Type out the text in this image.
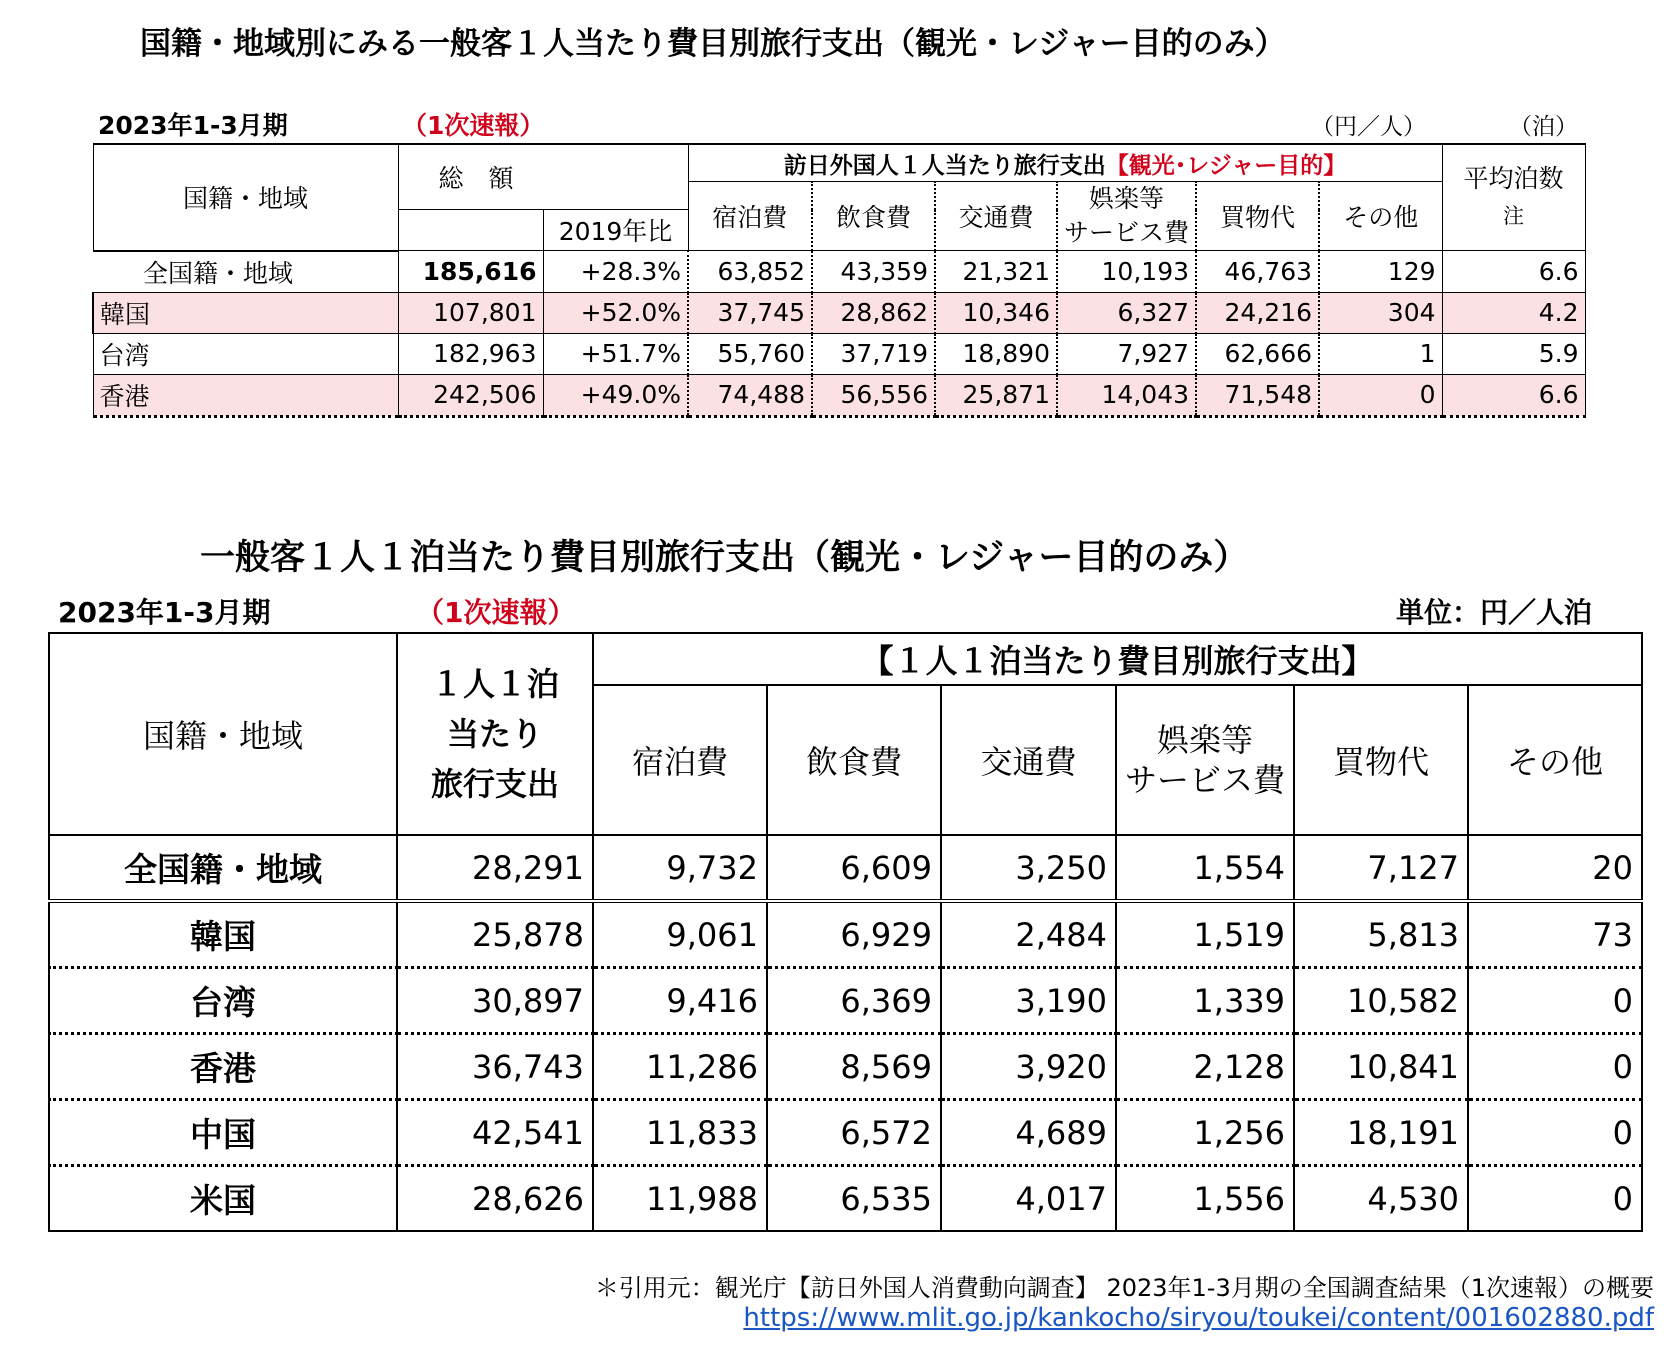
国籍・地域別にみる一般客１人当たり費目別旅行支出（観光・レジャー目的のみ）
2023年1-3月期	（1次速報）	（円／人）	（泊）
国籍・地域	総　額		訪日外国人１人当たり旅行支出【観光･レジャー目的】						平均泊数
注
			宿泊費	飲食費	交通費	娯楽等
サービス費	買物代	その他	
		2019年比							
全国籍・地域	185,616	+28.3%	63,852	43,359	21,321	10,193	46,763	129	6.6
韓国	107,801	+52.0%	37,745	28,862	10,346	6,327	24,216	304	4.2
台湾	182,963	+51.7%	55,760	37,719	18,890	7,927	62,666	1	5.9
香港	242,506	+49.0%	74,488	56,556	25,871	14,043	71,548	0	6.6
一般客１人１泊当たり費目別旅行支出（観光・レジャー目的のみ）
2023年1-3月期	（1次速報）	単位：円／人泊
国籍・地域	１人１泊
当たり
旅行支出	【１人１泊当たり費目別旅行支出】					
		宿泊費	飲食費	交通費	娯楽等
サービス費	買物代	その他
全国籍・地域	28,291	9,732	6,609	3,250	1,554	7,127	20
韓国	25,878	9,061	6,929	2,484	1,519	5,813	73
台湾	30,897	9,416	6,369	3,190	1,339	10,582	0
香港	36,743	11,286	8,569	3,920	2,128	10,841	0
中国	42,541	11,833	6,572	4,689	1,256	18,191	0
米国	28,626	11,988	6,535	4,017	1,556	4,530	0
＊引用元：観光庁【訪日外国人消費動向調査】 2023年1-3月期の全国調査結果（1次速報）の概要
https://www.mlit.go.jp/kankocho/siryou/toukei/content/001602880.pdf
